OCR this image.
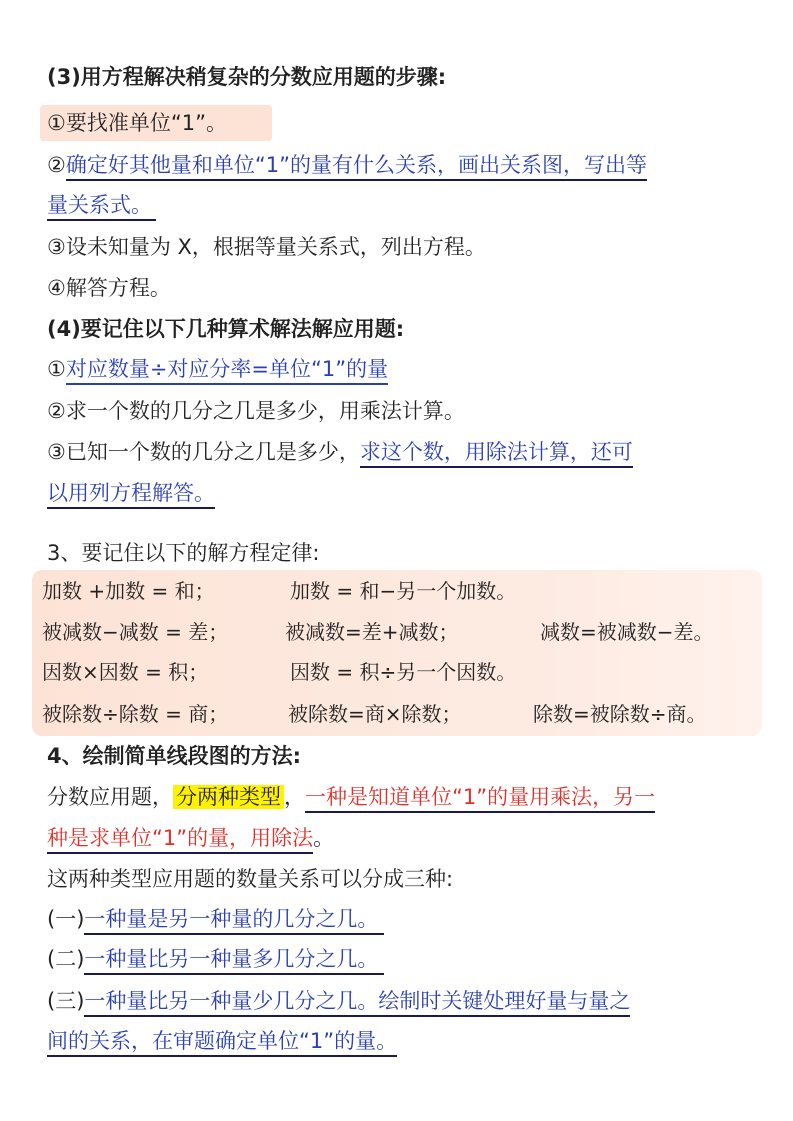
(3)用方程解决稍复杂的分数应用题的步骤:
①要找准单位“1”。
②确定好其他量和单位“1”的量有什么关系，画出关系图，写出等
量关系式。
③设未知量为 X，根据等量关系式，列出方程。
④解答方程。
(4)要记住以下几种算术解法解应用题:
①对应数量÷对应分率=单位“1”的量
②求一个数的几分之几是多少，用乘法计算。
③已知一个数的几分之几是多少，求这个数，用除法计算，还可
以用列方程解答。
3、要记住以下的解方程定律:
加数 +加数 = 和；	加数 = 和−另一个加数。
被减数−减数 = 差；	被减数=差+减数；	减数=被减数−差。
因数×因数 = 积；	因数 = 积÷另一个因数。
被除数÷除数 = 商；	被除数=商×除数；	除数=被除数÷商。
4、绘制简单线段图的方法:
分数应用题， 分两种类型 ，一种是知道单位“1”的量用乘法，另一
种是求单位“1”的量，用除法。
这两种类型应用题的数量关系可以分成三种:
(一)一种量是另一种量的几分之几。
(二)一种量比另一种量多几分之几。
(三)一种量比另一种量少几分之几。绘制时关键处理好量与量之
间的关系，在审题确定单位“1”的量。
